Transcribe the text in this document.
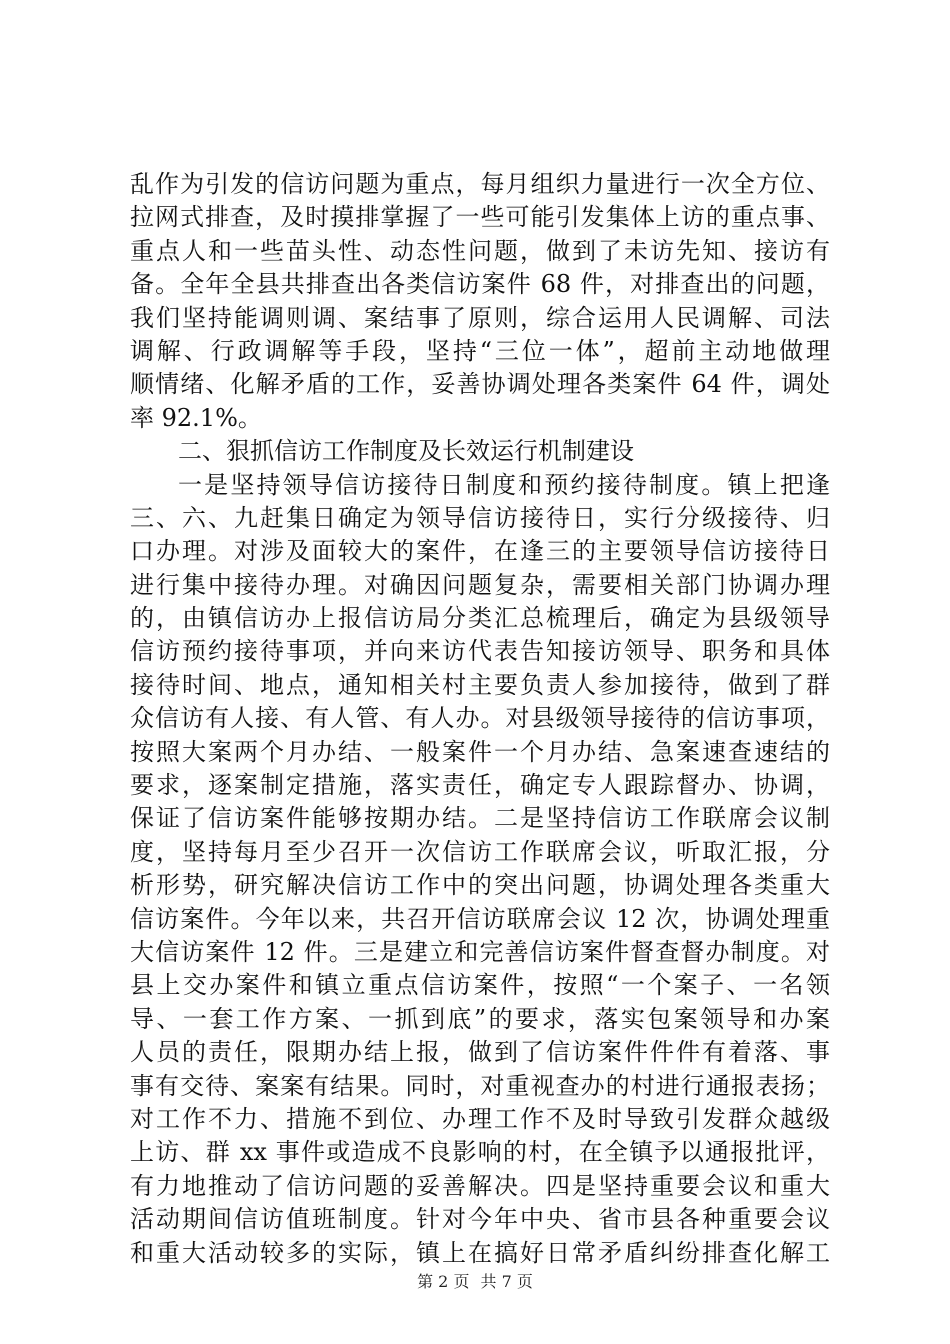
乱作为引发的信访问题为重点，每月组织力量进行一次全方位、
拉网式排查，及时摸排掌握了一些可能引发集体上访的重点事、
重点人和一些苗头性、动态性问题，做到了未访先知、接访有
备。全年全县共排查出各类信访案件 68 件，对排查出的问题，
我们坚持能调则调、案结事了原则，综合运用人民调解、司法
调解、行政调解等手段，坚持“三位一体”，超前主动地做理
顺情绪、化解矛盾的工作，妥善协调处理各类案件 64 件，调处
率 92.1%。
二、狠抓信访工作制度及长效运行机制建设
一是坚持领导信访接待日制度和预约接待制度。镇上把逢
三、六、九赶集日确定为领导信访接待日，实行分级接待、归
口办理。对涉及面较大的案件，在逢三的主要领导信访接待日
进行集中接待办理。对确因问题复杂，需要相关部门协调办理
的，由镇信访办上报信访局分类汇总梳理后，确定为县级领导
信访预约接待事项，并向来访代表告知接访领导、职务和具体
接待时间、地点，通知相关村主要负责人参加接待，做到了群
众信访有人接、有人管、有人办。对县级领导接待的信访事项，
按照大案两个月办结、一般案件一个月办结、急案速查速结的
要求，逐案制定措施，落实责任，确定专人跟踪督办、协调，
保证了信访案件能够按期办结。二是坚持信访工作联席会议制
度，坚持每月至少召开一次信访工作联席会议，听取汇报，分
析形势，研究解决信访工作中的突出问题，协调处理各类重大
信访案件。今年以来，共召开信访联席会议 12 次，协调处理重
大信访案件 12 件。三是建立和完善信访案件督查督办制度。对
县上交办案件和镇立重点信访案件，按照“一个案子、一名领
导、一套工作方案、一抓到底”的要求，落实包案领导和办案
人员的责任，限期办结上报，做到了信访案件件件有着落、事
事有交待、案案有结果。同时，对重视查办的村进行通报表扬；
对工作不力、措施不到位、办理工作不及时导致引发群众越级
上访、群 xx 事件或造成不良影响的村，在全镇予以通报批评，
有力地推动了信访问题的妥善解决。四是坚持重要会议和重大
活动期间信访值班制度。针对今年中央、省市县各种重要会议
和重大活动较多的实际，镇上在搞好日常矛盾纠纷排查化解工
第 2 页 共 7 页
